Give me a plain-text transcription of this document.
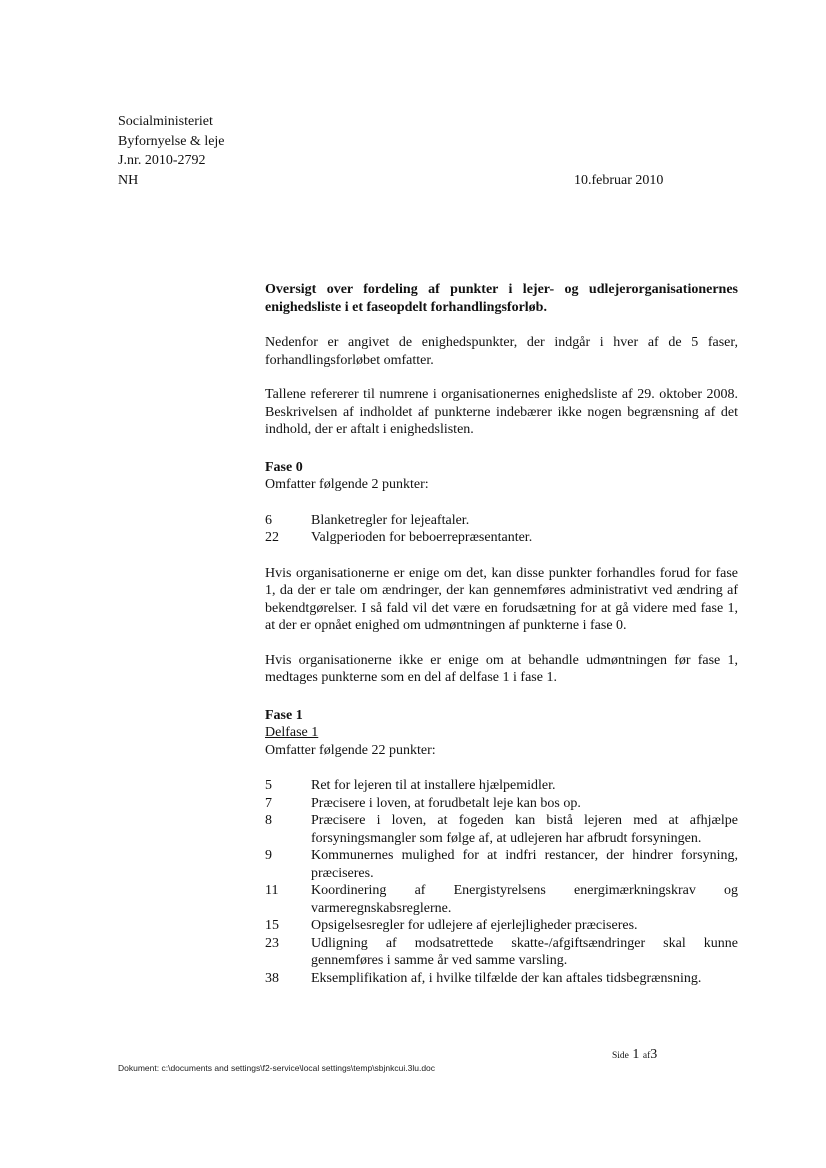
Socialministeriet
Byfornyelse & leje
J.nr. 2010-2792
NH	10.februar 2010

Oversigt over fordeling af punkter i lejer- og udlejerorganisationernes enighedsliste i et faseopdelt forhandlingsforløb.

Nedenfor er angivet de enighedspunkter, der indgår i hver af de 5 faser, forhandlingsforløbet omfatter.

Tallene refererer til numrene i organisationernes enighedsliste af 29. oktober 2008. Beskrivelsen af indholdet af punkterne indebærer ikke nogen begrænsning af det indhold, der er aftalt i enighedslisten.

Fase 0
Omfatter følgende 2 punkter:
6	Blanketregler for lejeaftaler.
22	Valgperioden for beboerrepræsentanter.

Hvis organisationerne er enige om det, kan disse punkter forhandles forud for fase 1, da der er tale om ændringer, der kan gennemføres administrativt ved ændring af bekendtgørelser. I så fald vil det være en forudsætning for at gå videre med fase 1, at der er opnået enighed om udmøntningen af punkterne i fase 0.

Hvis organisationerne ikke er enige om at behandle udmøntningen før fase 1, medtages punkterne som en del af delfase 1 i fase 1.

Fase 1
Delfase 1
Omfatter følgende 22 punkter:
5	Ret for lejeren til at installere hjælpemidler.
7	Præcisere i loven, at forudbetalt leje kan bos op.
8	Præcisere i loven, at fogeden kan bistå lejeren med at afhjælpe forsyningsmangler som følge af, at udlejeren har afbrudt forsyningen.
9	Kommunernes mulighed for at indfri restancer, der hindrer forsyning, præciseres.
11	Koordinering af Energistyrelsens energimærkningskrav og varmeregnskabsreglerne.
15	Opsigelsesregler for udlejere af ejerlejligheder præciseres.
23	Udligning af modsatrettede skatte-/afgiftsændringer skal kunne gennemføres i samme år ved samme varsling.
38	Eksemplifikation af, i hvilke tilfælde der kan aftales tidsbegrænsning.
Side 1 af3
Dokument: c:\documents and settings\f2-service\local settings\temp\sbjnkcui.3lu.doc
